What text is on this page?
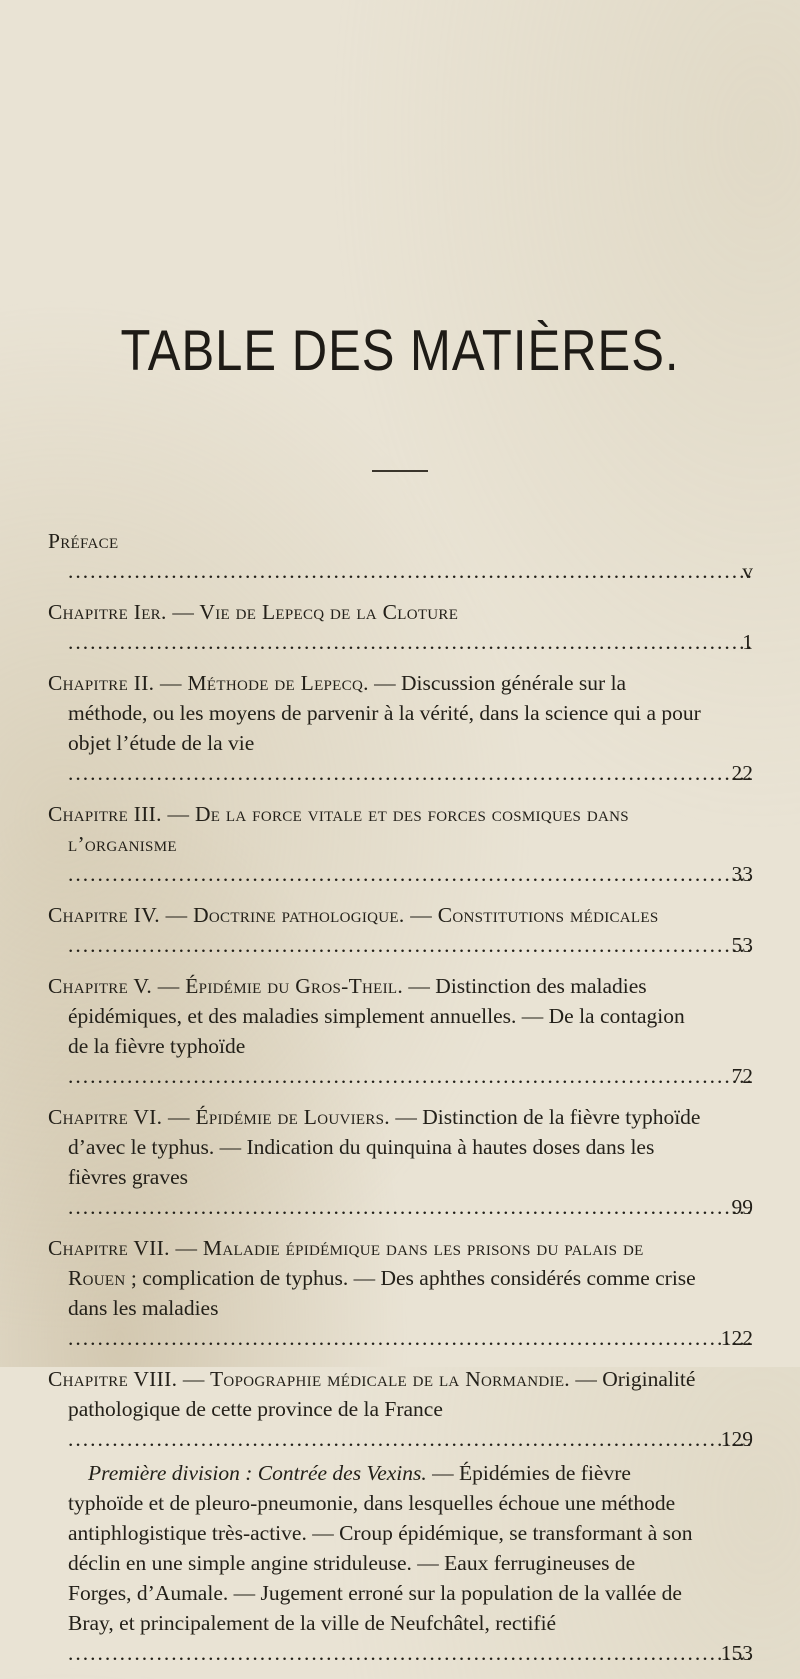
TABLE DES MATIÈRES.
Préface .....
v
Chapitre Ier. — Vie de Lepecq de la Cloture .....
1
Chapitre II. — Méthode de Lepecq. — Discussion générale sur la méthode, ou les moyens de parvenir à la vérité, dans la science qui a pour objet l’étude de la vie .....
22
Chapitre III. — De la force vitale et des forces cosmiques dans l’organisme .....
33
Chapitre IV. — Doctrine pathologique. — Constitutions médicales .....
53
Chapitre V. — Épidémie du Gros-Theil. — Distinction des maladies épidémiques, et des maladies simplement annuelles. — De la contagion de la fièvre typhoïde .....
72
Chapitre VI. — Épidémie de Louviers. — Distinction de la fièvre typhoïde d’avec le typhus. — Indication du quinquina à hautes doses dans les fièvres graves .....
99
Chapitre VII. — Maladie épidémique dans les prisons du palais de Rouen ; complication de typhus. — Des aphthes considérés comme crise dans les maladies .....
122
Chapitre VIII. — Topographie médicale de la Normandie. — Originalité pathologique de cette province de la France .....
129
Première division : Contrée des Vexins. — Épidémies de fièvre typhoïde et de pleuro-pneumonie, dans lesquelles échoue une méthode antiphlogistique très-active. — Croup épidémique, se transformant à son déclin en une simple angine striduleuse. — Eaux ferrugineuses de Forges, d’Aumale. — Jugement erroné sur la population de la vallée de Bray, et principalement de la ville de Neufchâtel, rectifié .....
153
